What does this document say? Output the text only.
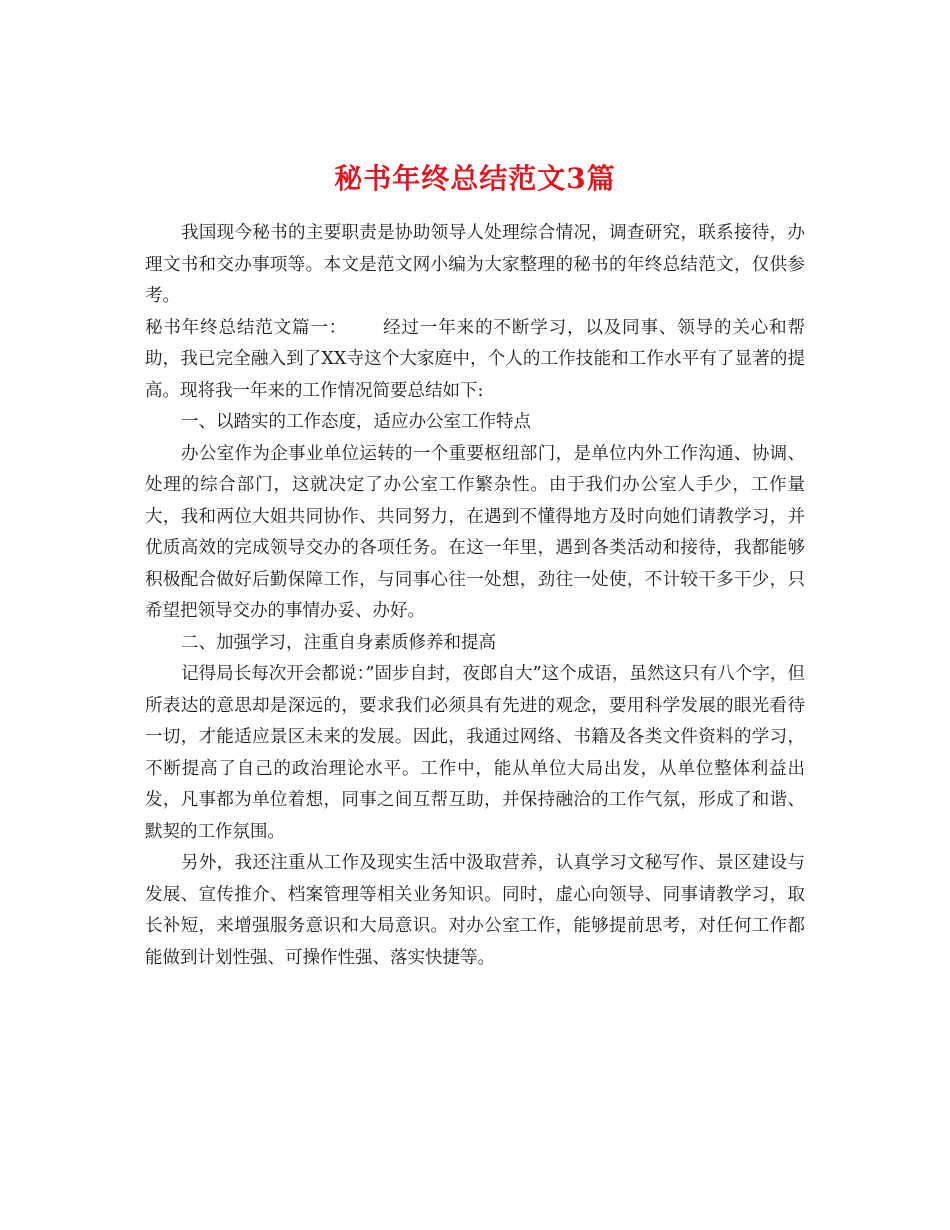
秘书年终总结范文3篇

我国现今秘书的主要职责是协助领导人处理综合情况，调查研究，联系接待，办理文书和交办事项等。本文是范文网小编为大家整理的秘书的年终总结范文，仅供参考。

秘书年终总结范文篇一： 经过一年来的不断学习，以及同事、领导的关心和帮助，我已完全融入到了XX寺这个大家庭中，个人的工作技能和工作水平有了显著的提高。现将我一年来的工作情况简要总结如下:

一、以踏实的工作态度，适应办公室工作特点

办公室作为企事业单位运转的一个重要枢纽部门，是单位内外工作沟通、协调、处理的综合部门，这就决定了办公室工作繁杂性。由于我们办公室人手少，工作量大，我和两位大姐共同协作、共同努力，在遇到不懂得地方及时向她们请教学习，并优质高效的完成领导交办的各项任务。在这一年里，遇到各类活动和接待，我都能够积极配合做好后勤保障工作，与同事心往一处想，劲往一处使，不计较干多干少，只希望把领导交办的事情办妥、办好。

二、加强学习，注重自身素质修养和提高

记得局长每次开会都说：”固步自封，夜郎自大”这个成语，虽然这只有八个字，但所表达的意思却是深远的，要求我们必须具有先进的观念，要用科学发展的眼光看待一切，才能适应景区未来的发展。因此，我通过网络、书籍及各类文件资料的学习，不断提高了自己的政治理论水平。工作中，能从单位大局出发，从单位整体利益出发，凡事都为单位着想，同事之间互帮互助，并保持融洽的工作气氛，形成了和谐、默契的工作氛围。

另外，我还注重从工作及现实生活中汲取营养，认真学习文秘写作、景区建设与发展、宣传推介、档案管理等相关业务知识。同时，虚心向领导、同事请教学习，取长补短，来增强服务意识和大局意识。对办公室工作，能够提前思考，对任何工作都能做到计划性强、可操作性强、落实快捷等。
